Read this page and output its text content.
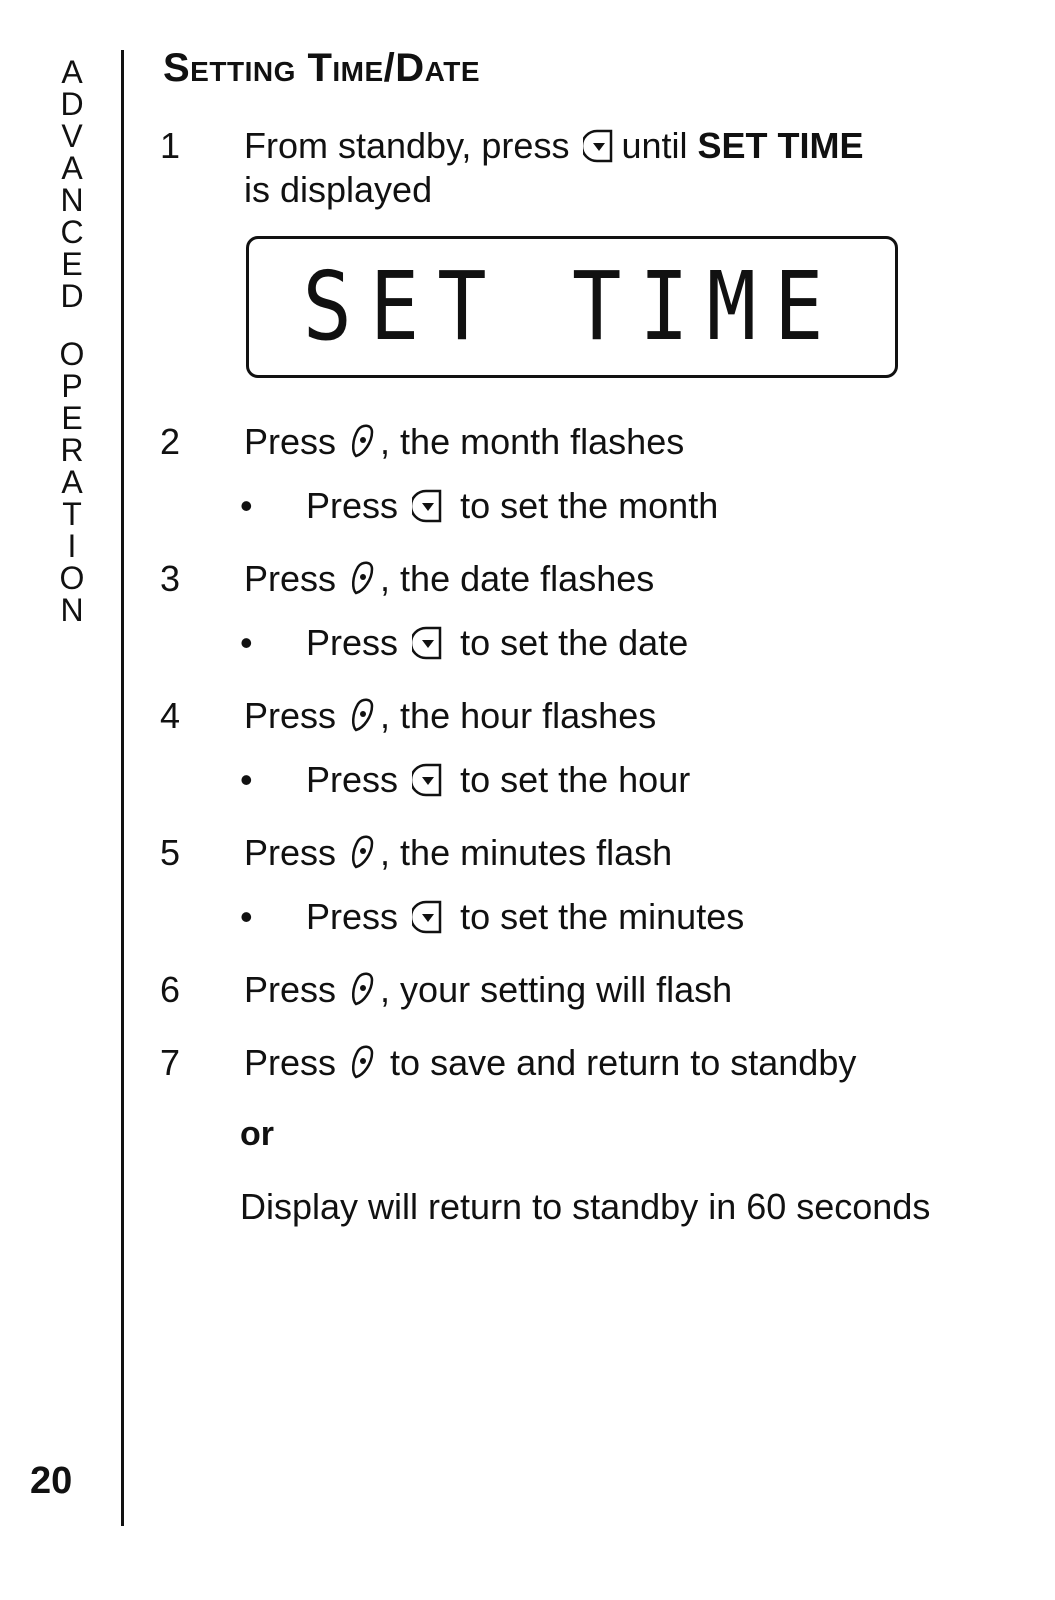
A
D
V
A
N
C
E
D
O
P
E
R
A
T
I
O
N
20
Setting Time/Date
1	From standby, press until SET TIME
is displayed
SET TIME
2	Press , the month flashes
• Press to set the month
3	Press , the date flashes
• Press to set the date
4	Press , the hour flashes
• Press to set the hour
5	Press , the minutes flash
• Press to set the minutes
6	Press , your setting will flash
7	Press
to save and return to standby
or
Display will return to standby in 60 seconds
